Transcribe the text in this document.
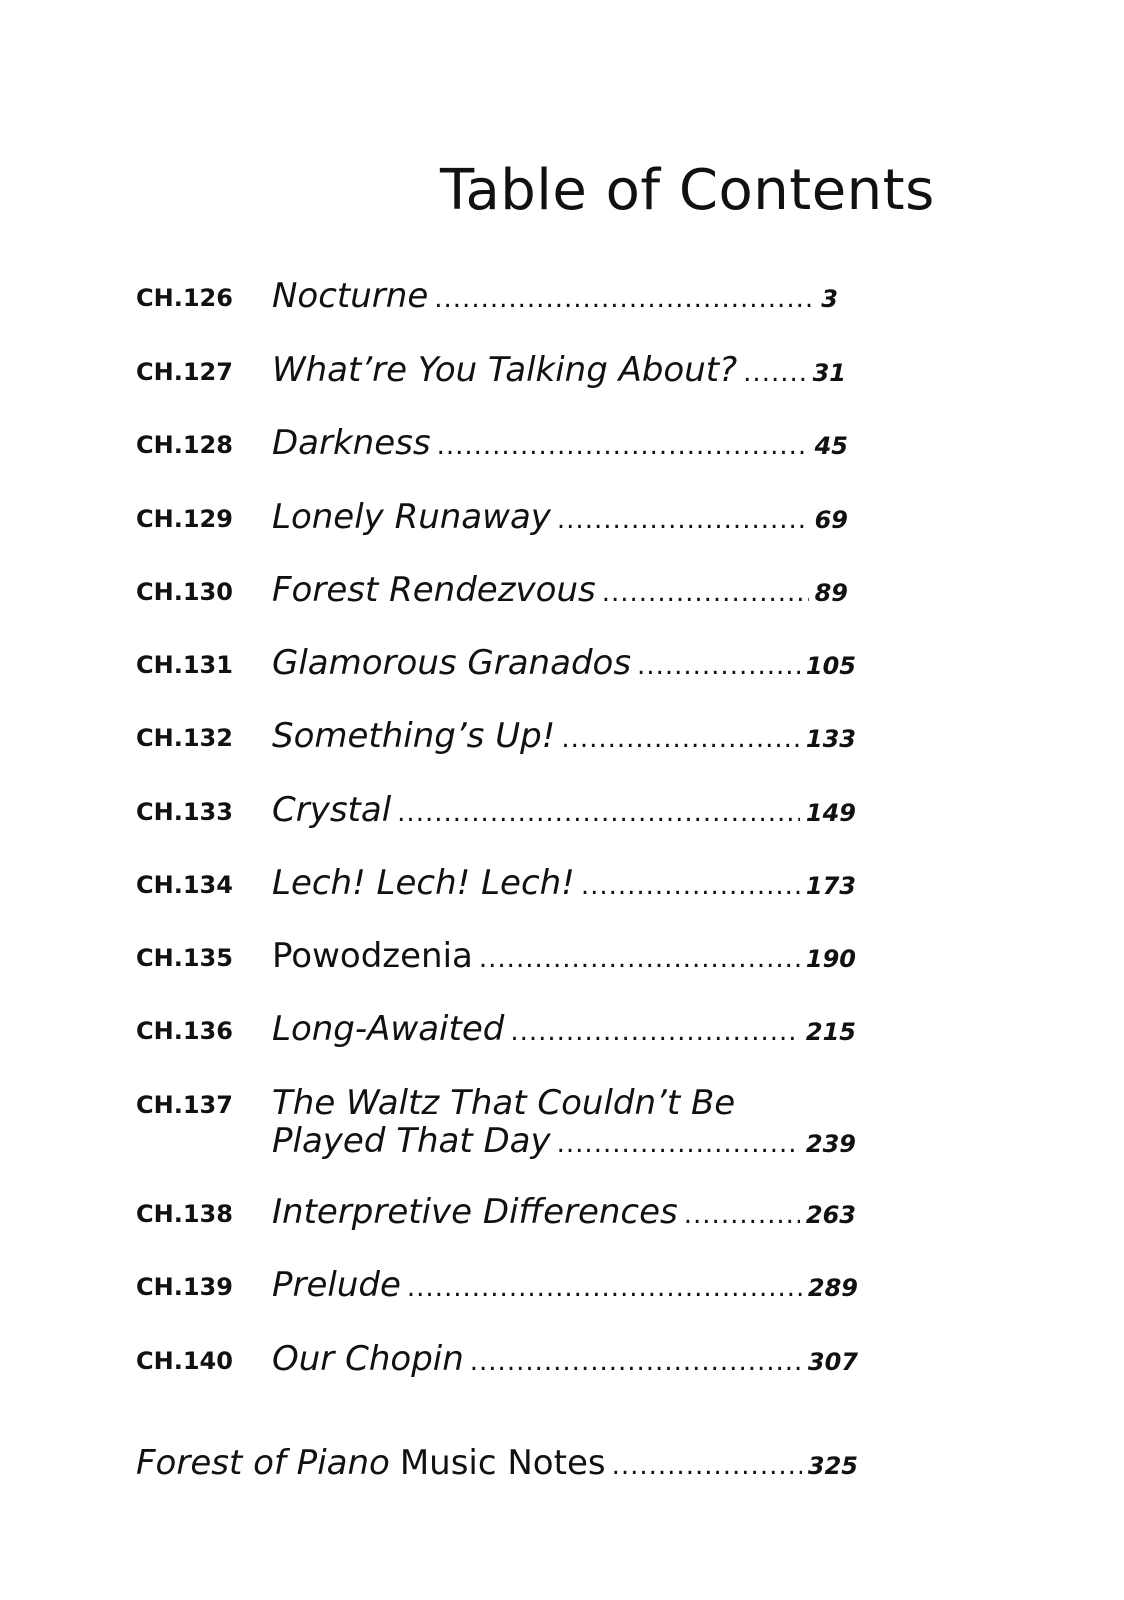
Table of Contents
CH.126 Nocturne .....	3
CH.127 What’re You Talking About? .....	31
CH.128 Darkness .....	45
CH.129 Lonely Runaway .....	69
CH.130 Forest Rendezvous .....	89
CH.131 Glamorous Granados .....	105
CH.132 Something’s Up! .....	133
CH.133 Crystal .....	149
CH.134 Lech! Lech! Lech! .....	173
CH.135 Powodzenia .....	190
CH.136 Long-Awaited .....	215
CH.137 The Waltz That Couldn’t Be
Played That Day .....	239
CH.138 Interpretive Differences .....	263
CH.139 Prelude .....	289
CH.140 Our Chopin .....	307
Forest of Piano Music Notes .....	325
